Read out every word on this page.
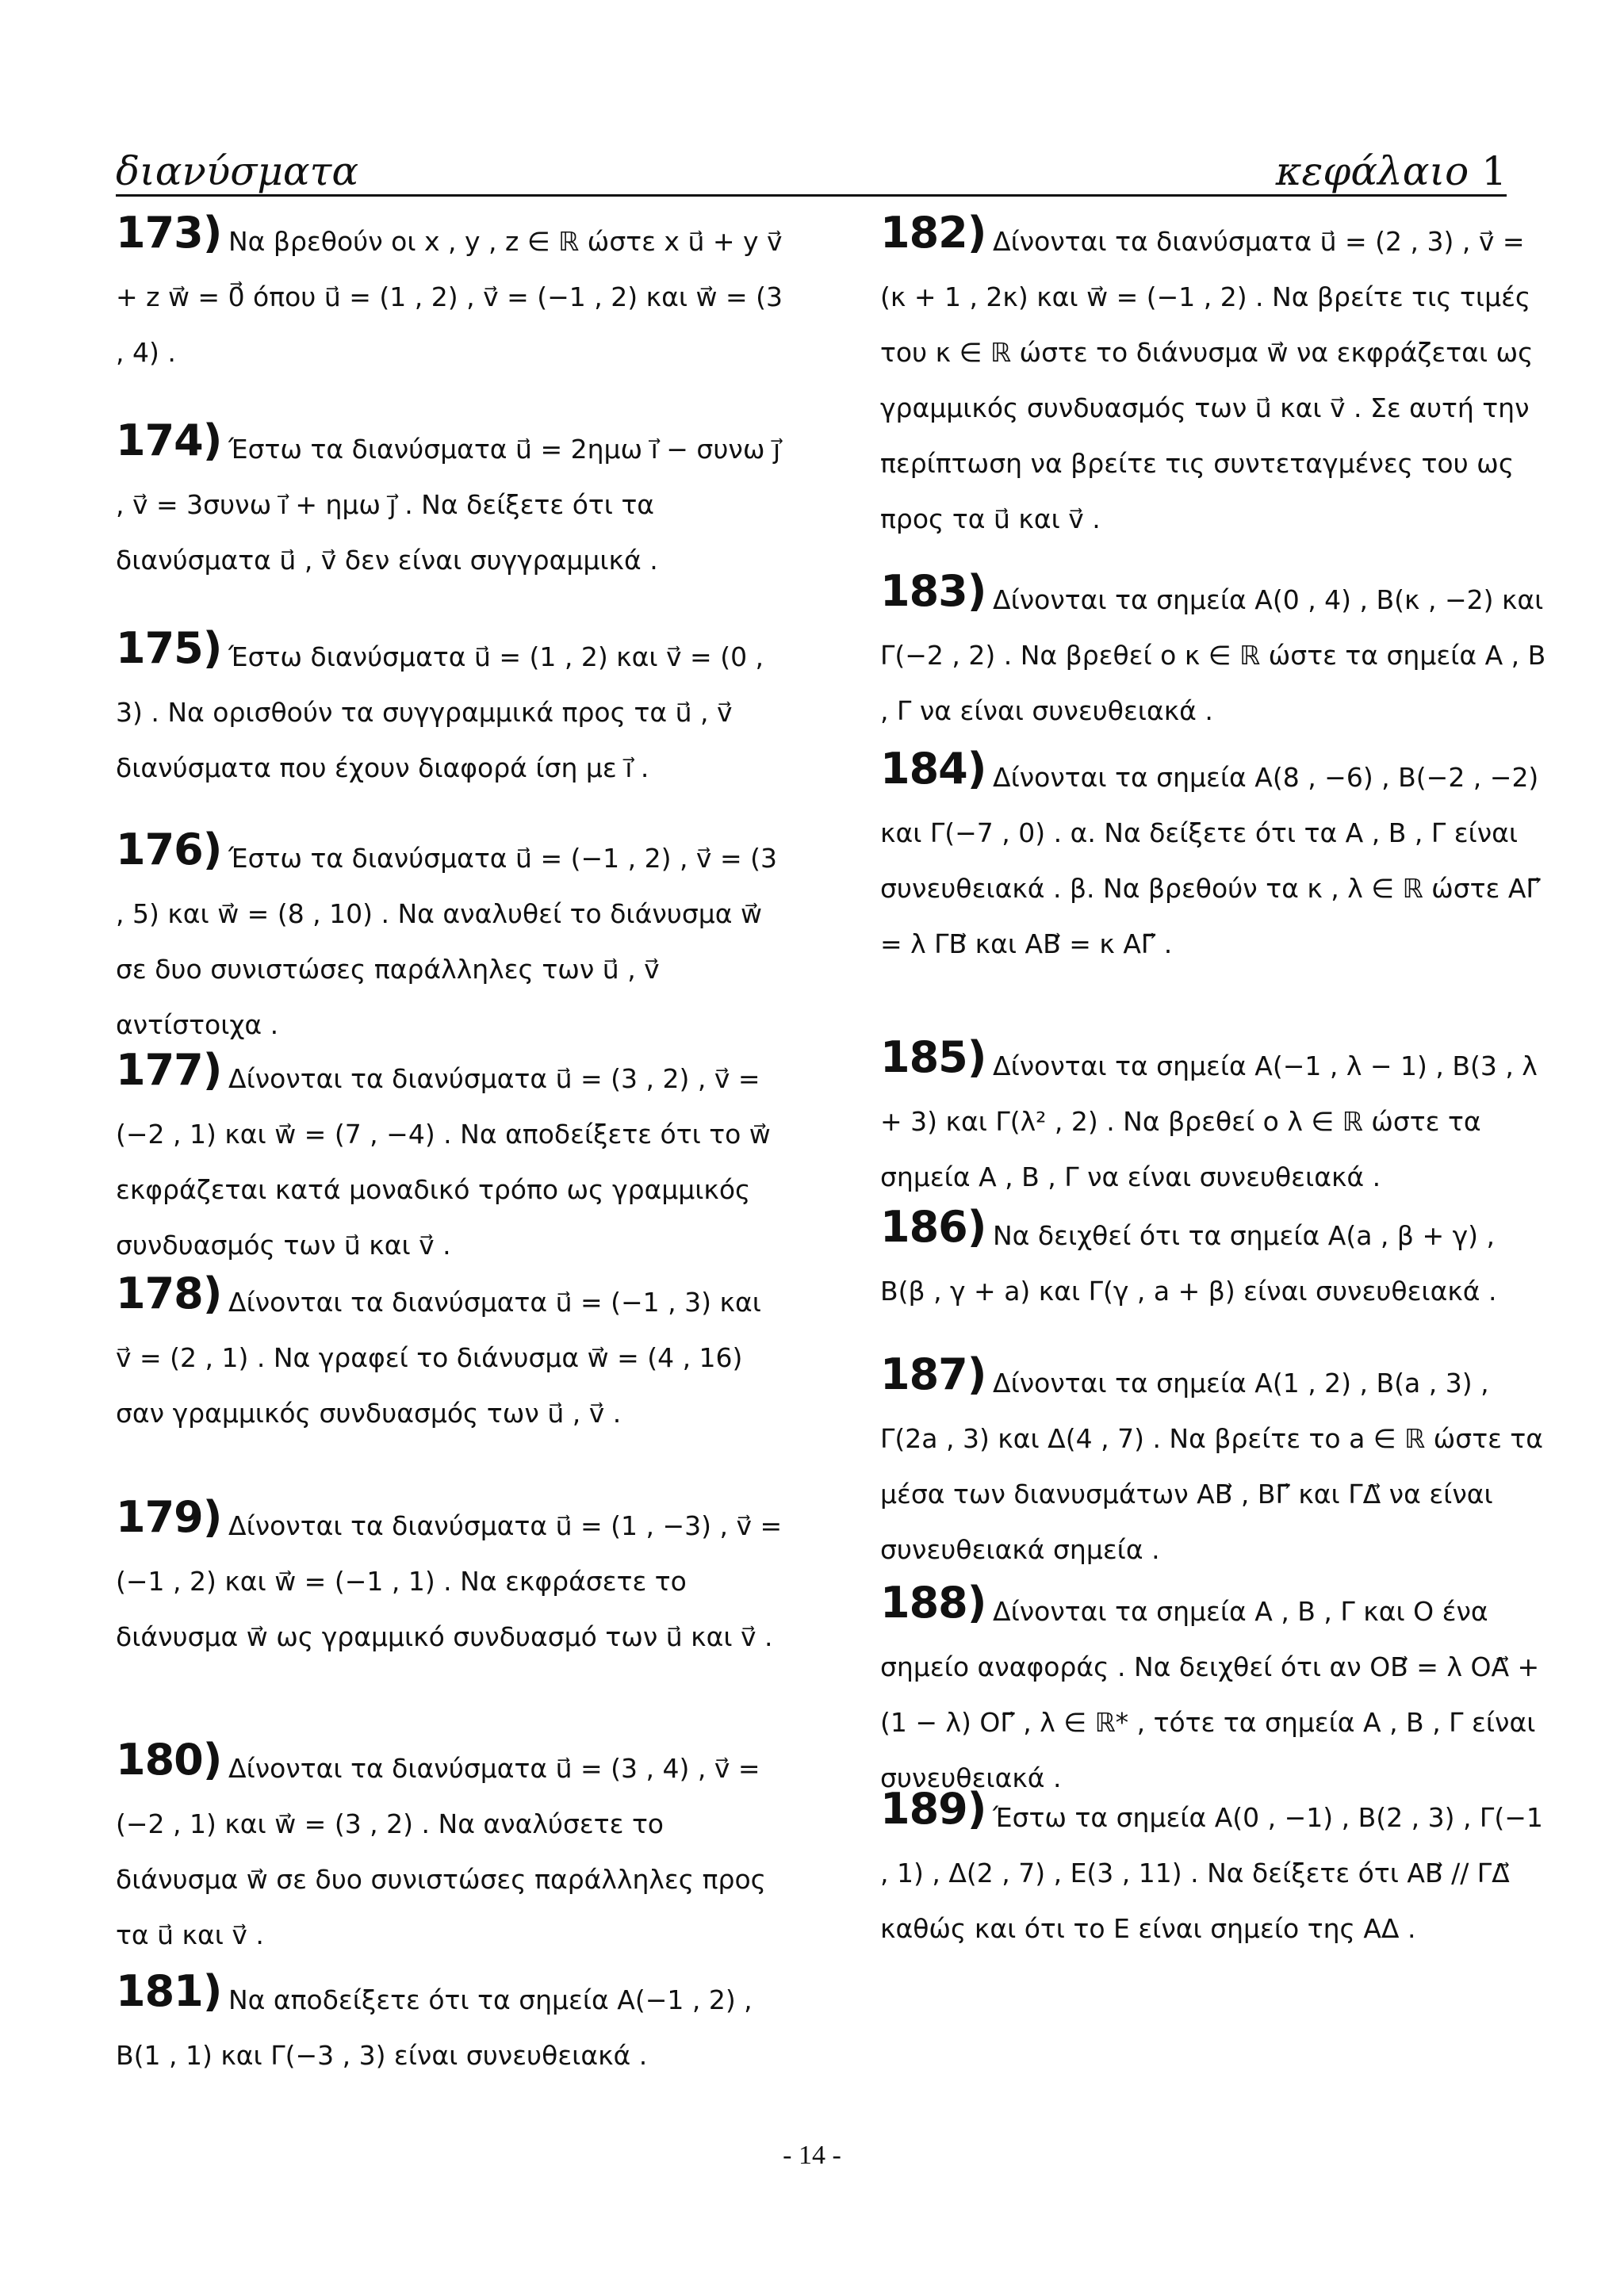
διανύσματα	κεφάλαιο 1
173) Να βρεθούν οι x , y , z ∈ ℝ ώστε x u⃗ + y v⃗ + z w⃗ = 0⃗ όπου u⃗ = (1 , 2) , v⃗ = (−1 , 2) και w⃗ = (3 , 4) .
174) Έστω τα διανύσματα u⃗ = 2ημω i⃗ − συνω j⃗ , v⃗ = 3συνω i⃗ + ημω j⃗ . Να δείξετε ότι τα διανύσματα u⃗ , v⃗ δεν είναι συγγραμμικά .
175) Έστω διανύσματα u⃗ = (1 , 2) και v⃗ = (0 , 3) . Να ορισθούν τα συγγραμμικά προς τα u⃗ , v⃗ διανύσματα που έχουν διαφορά ίση με i⃗ .
176) Έστω τα διανύσματα u⃗ = (−1 , 2) , v⃗ = (3 , 5) και w⃗ = (8 , 10) . Να αναλυθεί το διάνυσμα w⃗ σε δυο συνιστώσες παράλληλες των u⃗ , v⃗ αντίστοιχα .
177) Δίνονται τα διανύσματα u⃗ = (3 , 2) , v⃗ = (−2 , 1) και w⃗ = (7 , −4) . Να αποδείξετε ότι το w⃗ εκφράζεται κατά μοναδικό τρόπο ως γραμμικός συνδυασμός των u⃗ και v⃗ .
178) Δίνονται τα διανύσματα u⃗ = (−1 , 3) και v⃗ = (2 , 1) . Να γραφεί το διάνυσμα w⃗ = (4 , 16) σαν γραμμικός συνδυασμός των u⃗ , v⃗ .
179) Δίνονται τα διανύσματα u⃗ = (1 , −3) , v⃗ = (−1 , 2) και w⃗ = (−1 , 1) . Να εκφράσετε το διάνυσμα w⃗ ως γραμμικό συνδυασμό των u⃗ και v⃗ .
180) Δίνονται τα διανύσματα u⃗ = (3 , 4) , v⃗ = (−2 , 1) και w⃗ = (3 , 2) . Να αναλύσετε το διάνυσμα w⃗ σε δυο συνιστώσες παράλληλες προς τα u⃗ και v⃗ .
181) Να αποδείξετε ότι τα σημεία Α(−1 , 2) , Β(1 , 1) και Γ(−3 , 3) είναι συνευθειακά .
182) Δίνονται τα διανύσματα u⃗ = (2 , 3) , v⃗ = (κ + 1 , 2κ) και w⃗ = (−1 , 2) . Να βρείτε τις τιμές του κ ∈ ℝ ώστε το διάνυσμα w⃗ να εκφράζεται ως γραμμικός συνδυασμός των u⃗ και v⃗ . Σε αυτή την περίπτωση να βρείτε τις συντεταγμένες του ως προς τα u⃗ και v⃗ .
183) Δίνονται τα σημεία Α(0 , 4) , Β(κ , −2) και Γ(−2 , 2) . Να βρεθεί ο κ ∈ ℝ ώστε τα σημεία Α , Β , Γ να είναι συνευθειακά .
184) Δίνονται τα σημεία Α(8 , −6) , Β(−2 , −2) και Γ(−7 , 0) . α. Να δείξετε ότι τα Α , Β , Γ είναι συνευθειακά . β. Να βρεθούν τα κ , λ ∈ ℝ ώστε ΑΓ⃗ = λ ΓΒ⃗ και ΑΒ⃗ = κ ΑΓ⃗ .
185) Δίνονται τα σημεία Α(−1 , λ − 1) , Β(3 , λ + 3) και Γ(λ² , 2) . Να βρεθεί ο λ ∈ ℝ ώστε τα σημεία Α , Β , Γ να είναι συνευθειακά .
186) Να δειχθεί ότι τα σημεία Α(a , β + γ) , Β(β , γ + a) και Γ(γ , a + β) είναι συνευθειακά .
187) Δίνονται τα σημεία Α(1 , 2) , Β(a , 3) , Γ(2a , 3) και Δ(4 , 7) . Να βρείτε το a ∈ ℝ ώστε τα μέσα των διανυσμάτων ΑΒ⃗ , ΒΓ⃗ και ΓΔ⃗ να είναι συνευθειακά σημεία .
188) Δίνονται τα σημεία Α , Β , Γ και Ο ένα σημείο αναφοράς . Να δειχθεί ότι αν ΟΒ⃗ = λ ΟΑ⃗ + (1 − λ) ΟΓ⃗ , λ ∈ ℝ* , τότε τα σημεία Α , Β , Γ είναι συνευθειακά .
189) Έστω τα σημεία Α(0 , −1) , Β(2 , 3) , Γ(−1 , 1) , Δ(2 , 7) , Ε(3 , 11) . Να δείξετε ότι ΑΒ⃗ // ΓΔ⃗ καθώς και ότι το Ε είναι σημείο της ΑΔ .
- 14 -
